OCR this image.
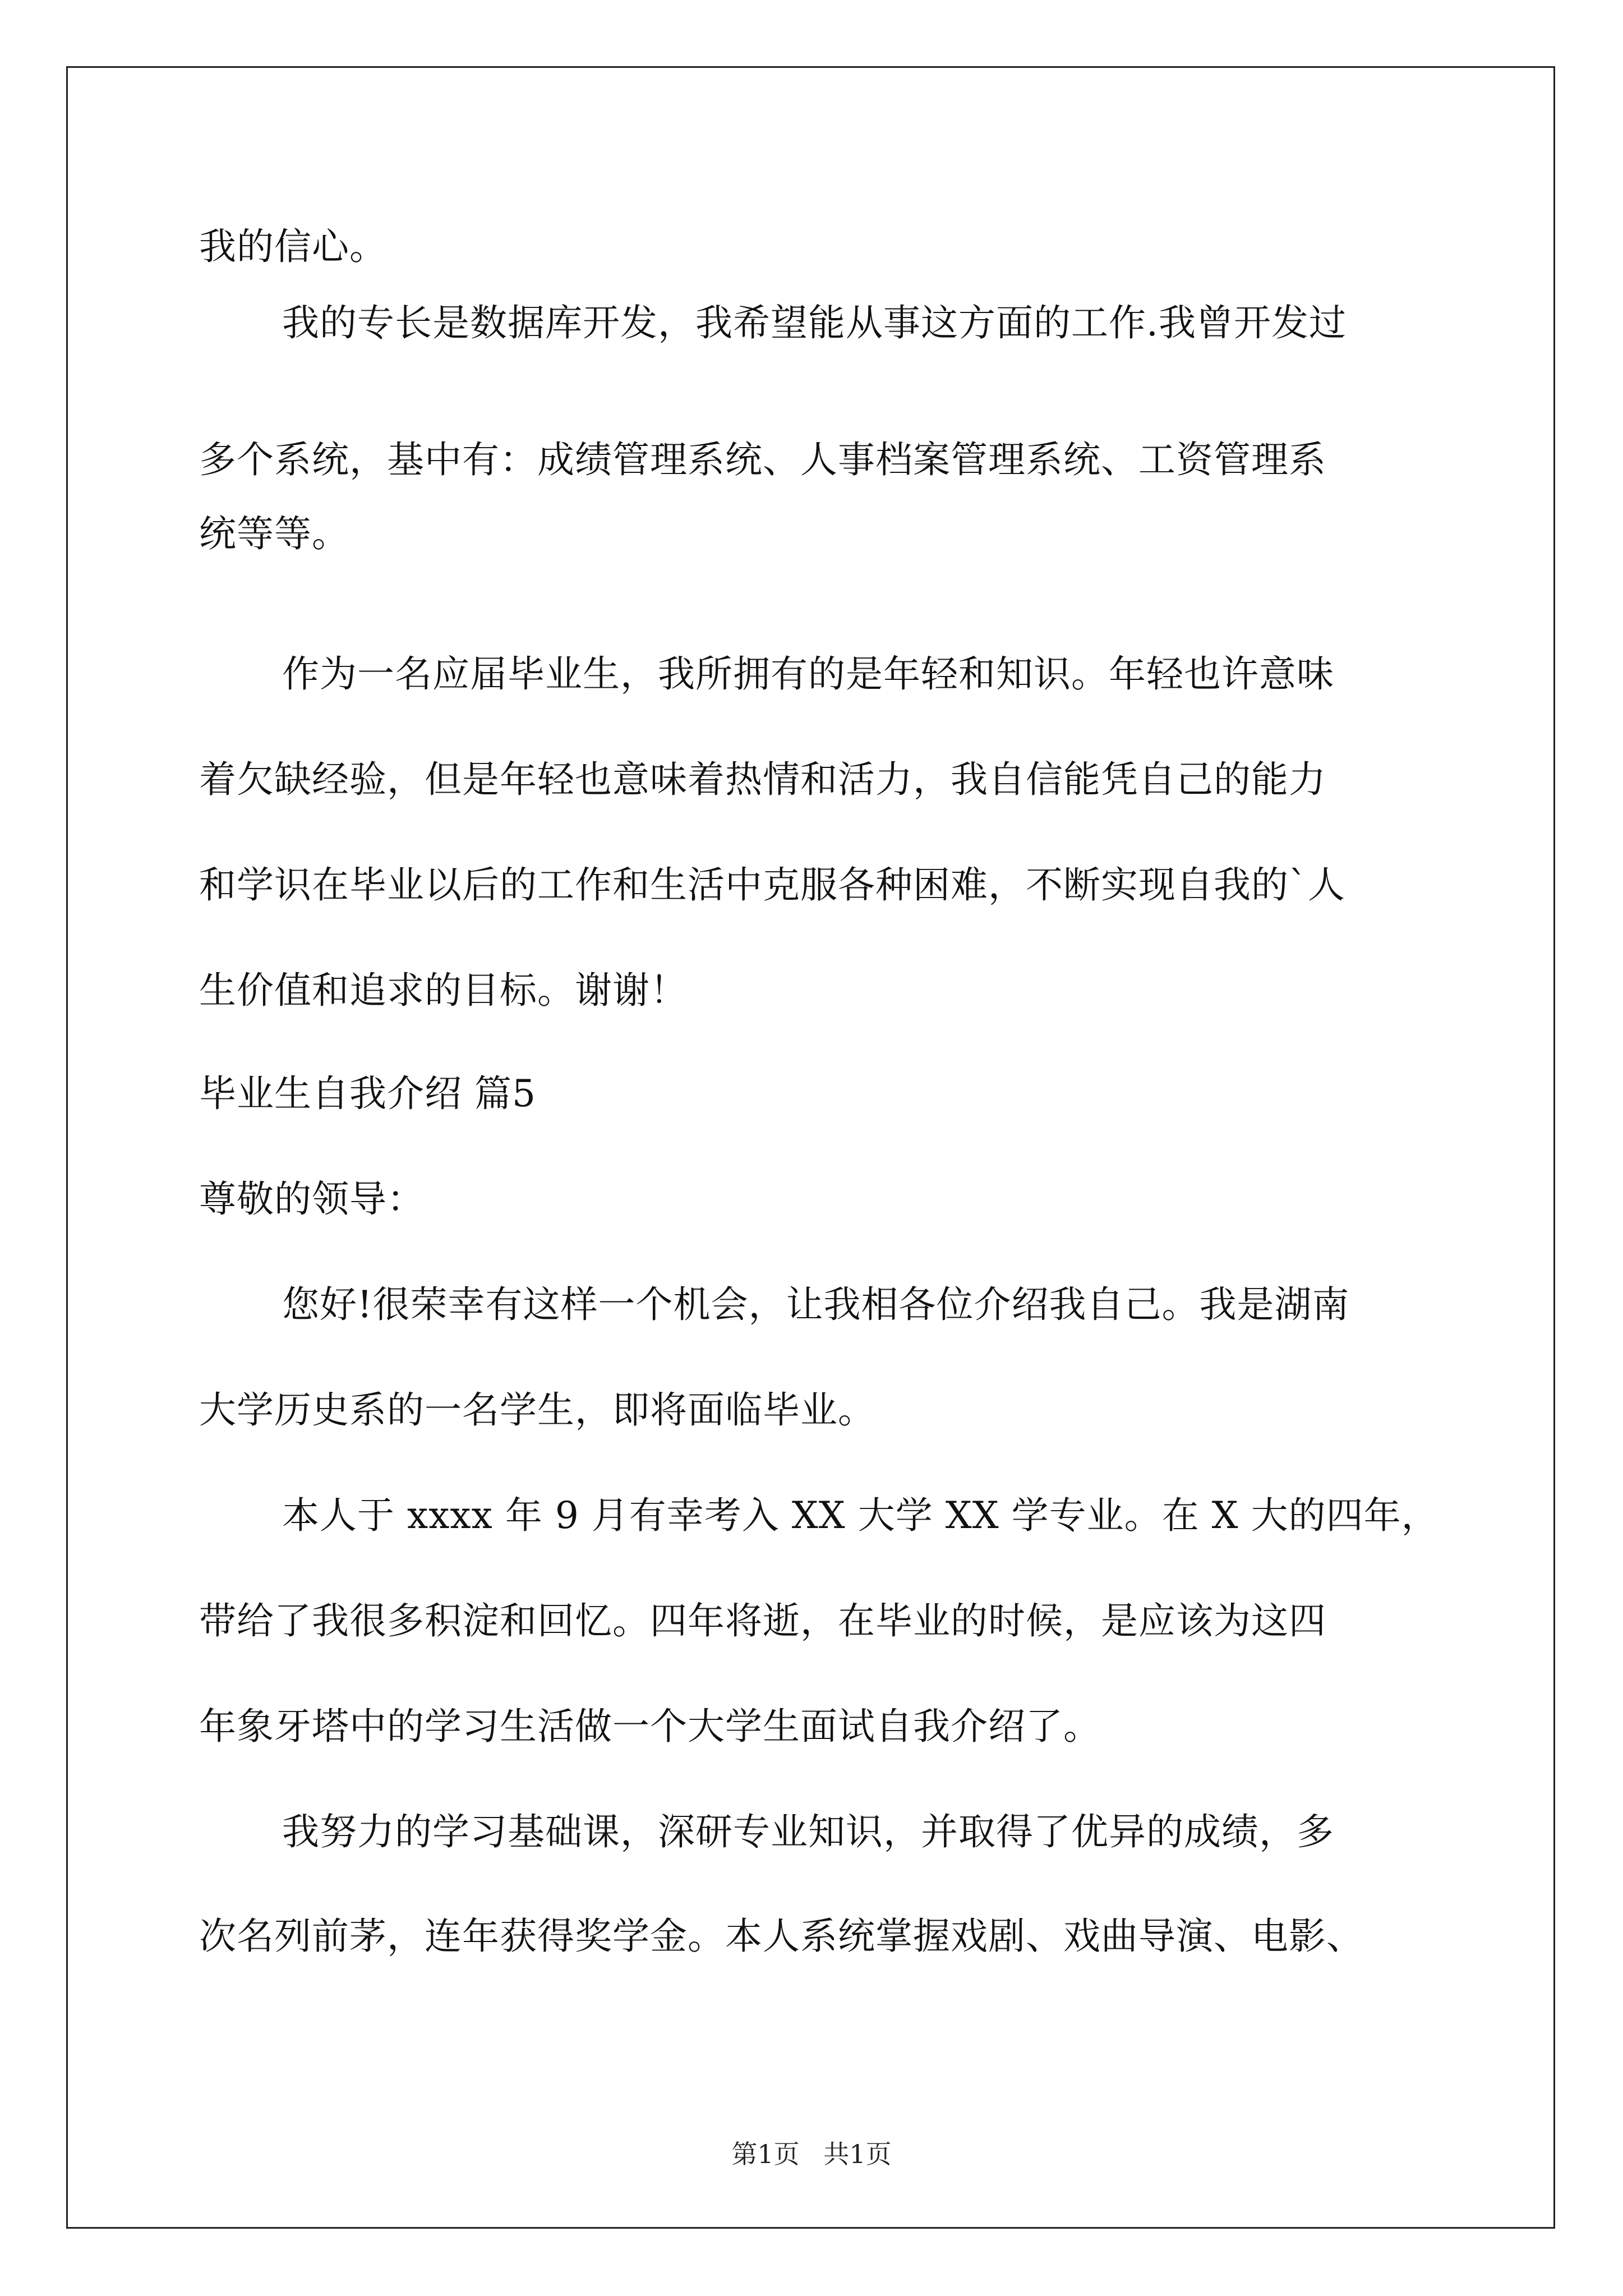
我的信心。
我的专长是数据库开发，我希望能从事这方面的工作.我曾开发过
多个系统，基中有：成绩管理系统、人事档案管理系统、工资管理系
统等等。
作为一名应届毕业生，我所拥有的是年轻和知识。年轻也许意味
着欠缺经验，但是年轻也意味着热情和活力，我自信能凭自己的能力
和学识在毕业以后的工作和生活中克服各种困难，不断实现自我的`人
生价值和追求的目标。谢谢！
毕业生自我介绍 篇5
尊敬的领导：
您好!很荣幸有这样一个机会，让我相各位介绍我自己。我是湖南
大学历史系的一名学生，即将面临毕业。
本人于 xxxx 年 9 月有幸考入 XX 大学 XX 学专业。在 X 大的四年，
带给了我很多积淀和回忆。四年将逝，在毕业的时候，是应该为这四
年象牙塔中的学习生活做一个大学生面试自我介绍了。
我努力的学习基础课，深研专业知识，并取得了优异的成绩，多
次名列前茅，连年获得奖学金。本人系统掌握戏剧、戏曲导演、电影、
第1页 共1页
